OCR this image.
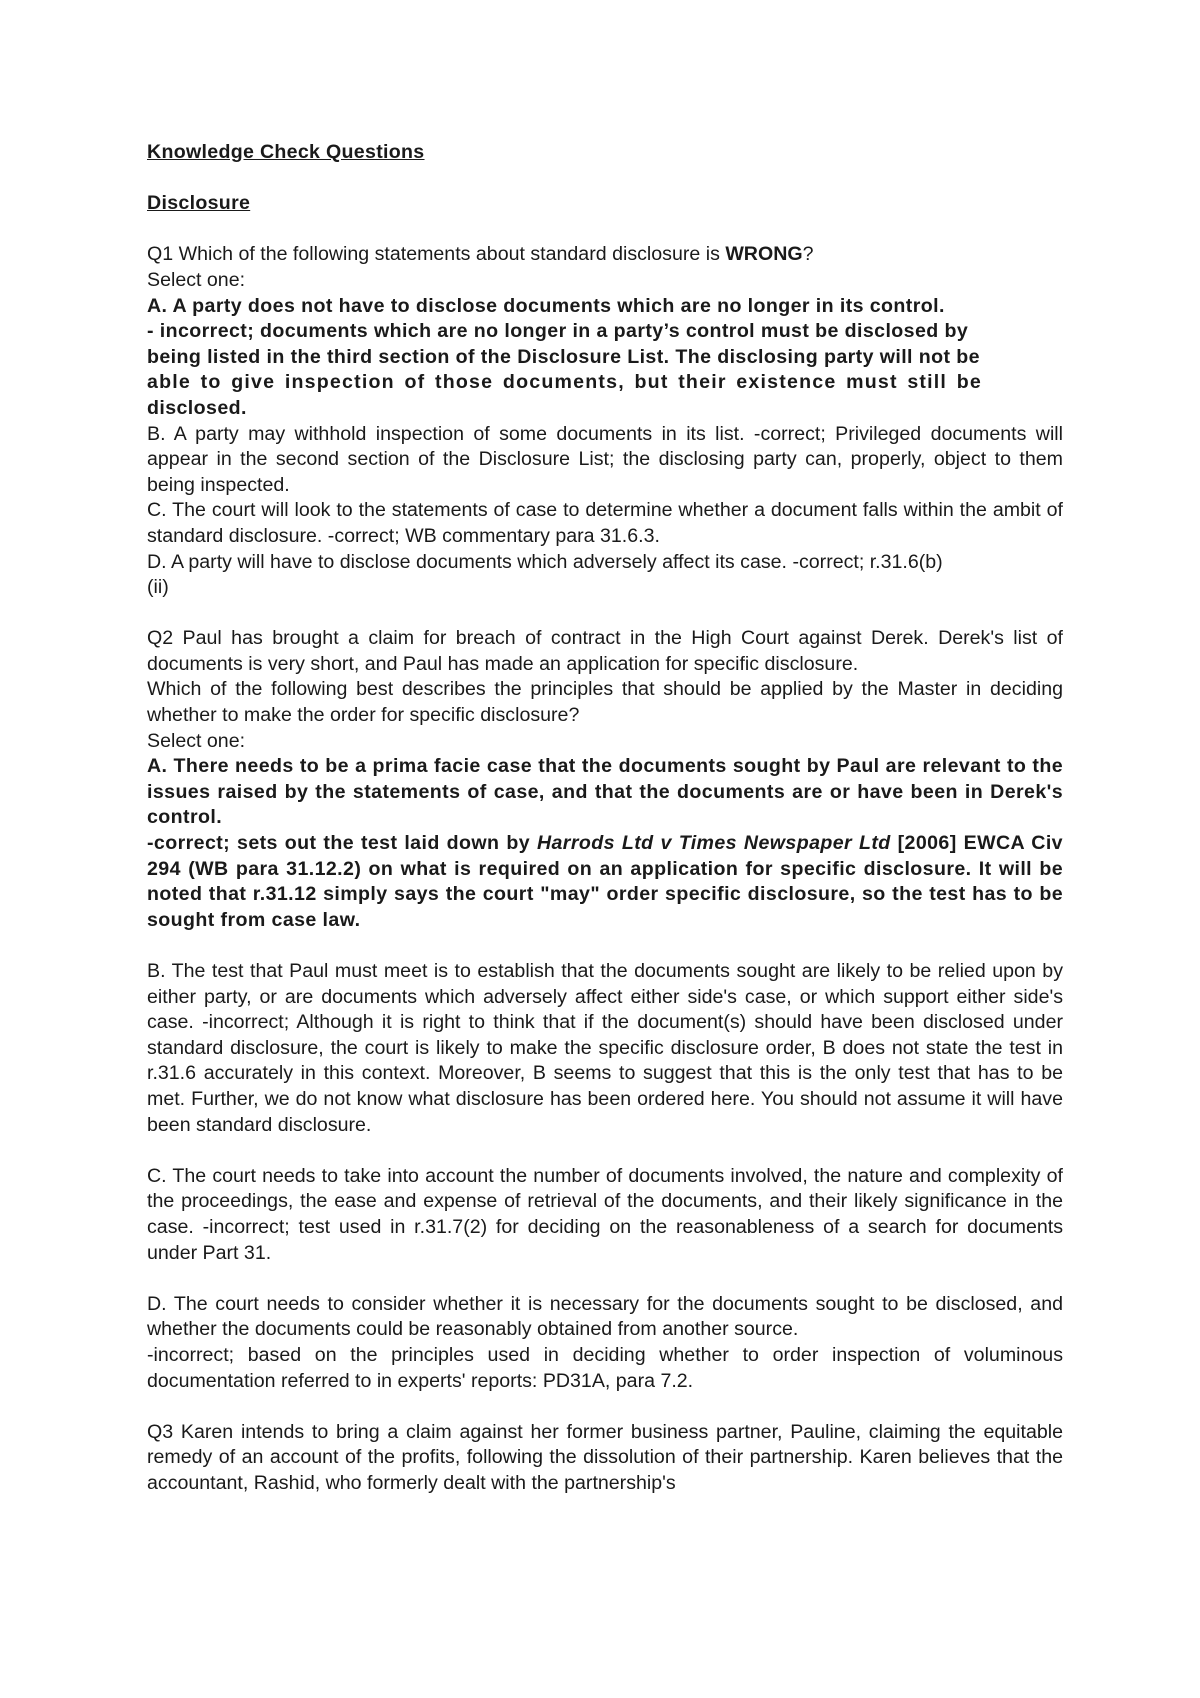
Knowledge Check Questions

Disclosure

Q1 Which of the following statements about standard disclosure is WRONG?

Select one:

A. A party does not have to disclose documents which are no longer in its control.

- incorrect; documents which are no longer in a party’s control must be disclosed by

being listed in the third section of the Disclosure List. The disclosing party will not be

able to give inspection of those documents, but their existence must still be

disclosed.

B. A party may withhold inspection of some documents in its list. -correct; Privileged documents will appear in the second section of the Disclosure List; the disclosing party can, properly, object to them being inspected.

C. The court will look to the statements of case to determine whether a document falls within the ambit of standard disclosure. -correct; WB commentary para 31.6.3.

D. A party will have to disclose documents which adversely affect its case. -correct; r.31.6(b)

(ii)

Q2 Paul has brought a claim for breach of contract in the High Court against Derek. Derek's list of documents is very short, and Paul has made an application for specific disclosure.

Which of the following best describes the principles that should be applied by the Master in deciding whether to make the order for specific disclosure?

Select one:

A. There needs to be a prima facie case that the documents sought by Paul are relevant to the issues raised by the statements of case, and that the documents are or have been in Derek's control.

-correct; sets out the test laid down by Harrods Ltd v Times Newspaper Ltd [2006] EWCA Civ 294 (WB para 31.12.2) on what is required on an application for specific disclosure. It will be noted that r.31.12 simply says the court "may" order specific disclosure, so the test has to be sought from case law.

B. The test that Paul must meet is to establish that the documents sought are likely to be relied upon by either party, or are documents which adversely affect either side's case, or which support either side's case. -incorrect; Although it is right to think that if the document(s) should have been disclosed under standard disclosure, the court is likely to make the specific disclosure order, B does not state the test in r.31.6 accurately in this context. Moreover, B seems to suggest that this is the only test that has to be met. Further, we do not know what disclosure has been ordered here. You should not assume it will have been standard disclosure.

C. The court needs to take into account the number of documents involved, the nature and complexity of the proceedings, the ease and expense of retrieval of the documents, and their likely significance in the case. -incorrect; test used in r.31.7(2) for deciding on the reasonableness of a search for documents under Part 31.

D. The court needs to consider whether it is necessary for the documents sought to be disclosed, and whether the documents could be reasonably obtained from another source.

-incorrect; based on the principles used in deciding whether to order inspection of voluminous documentation referred to in experts' reports: PD31A, para 7.2.

Q3 Karen intends to bring a claim against her former business partner, Pauline, claiming the equitable remedy of an account of the profits, following the dissolution of their partnership. Karen believes that the accountant, Rashid, who formerly dealt with the partnership's
